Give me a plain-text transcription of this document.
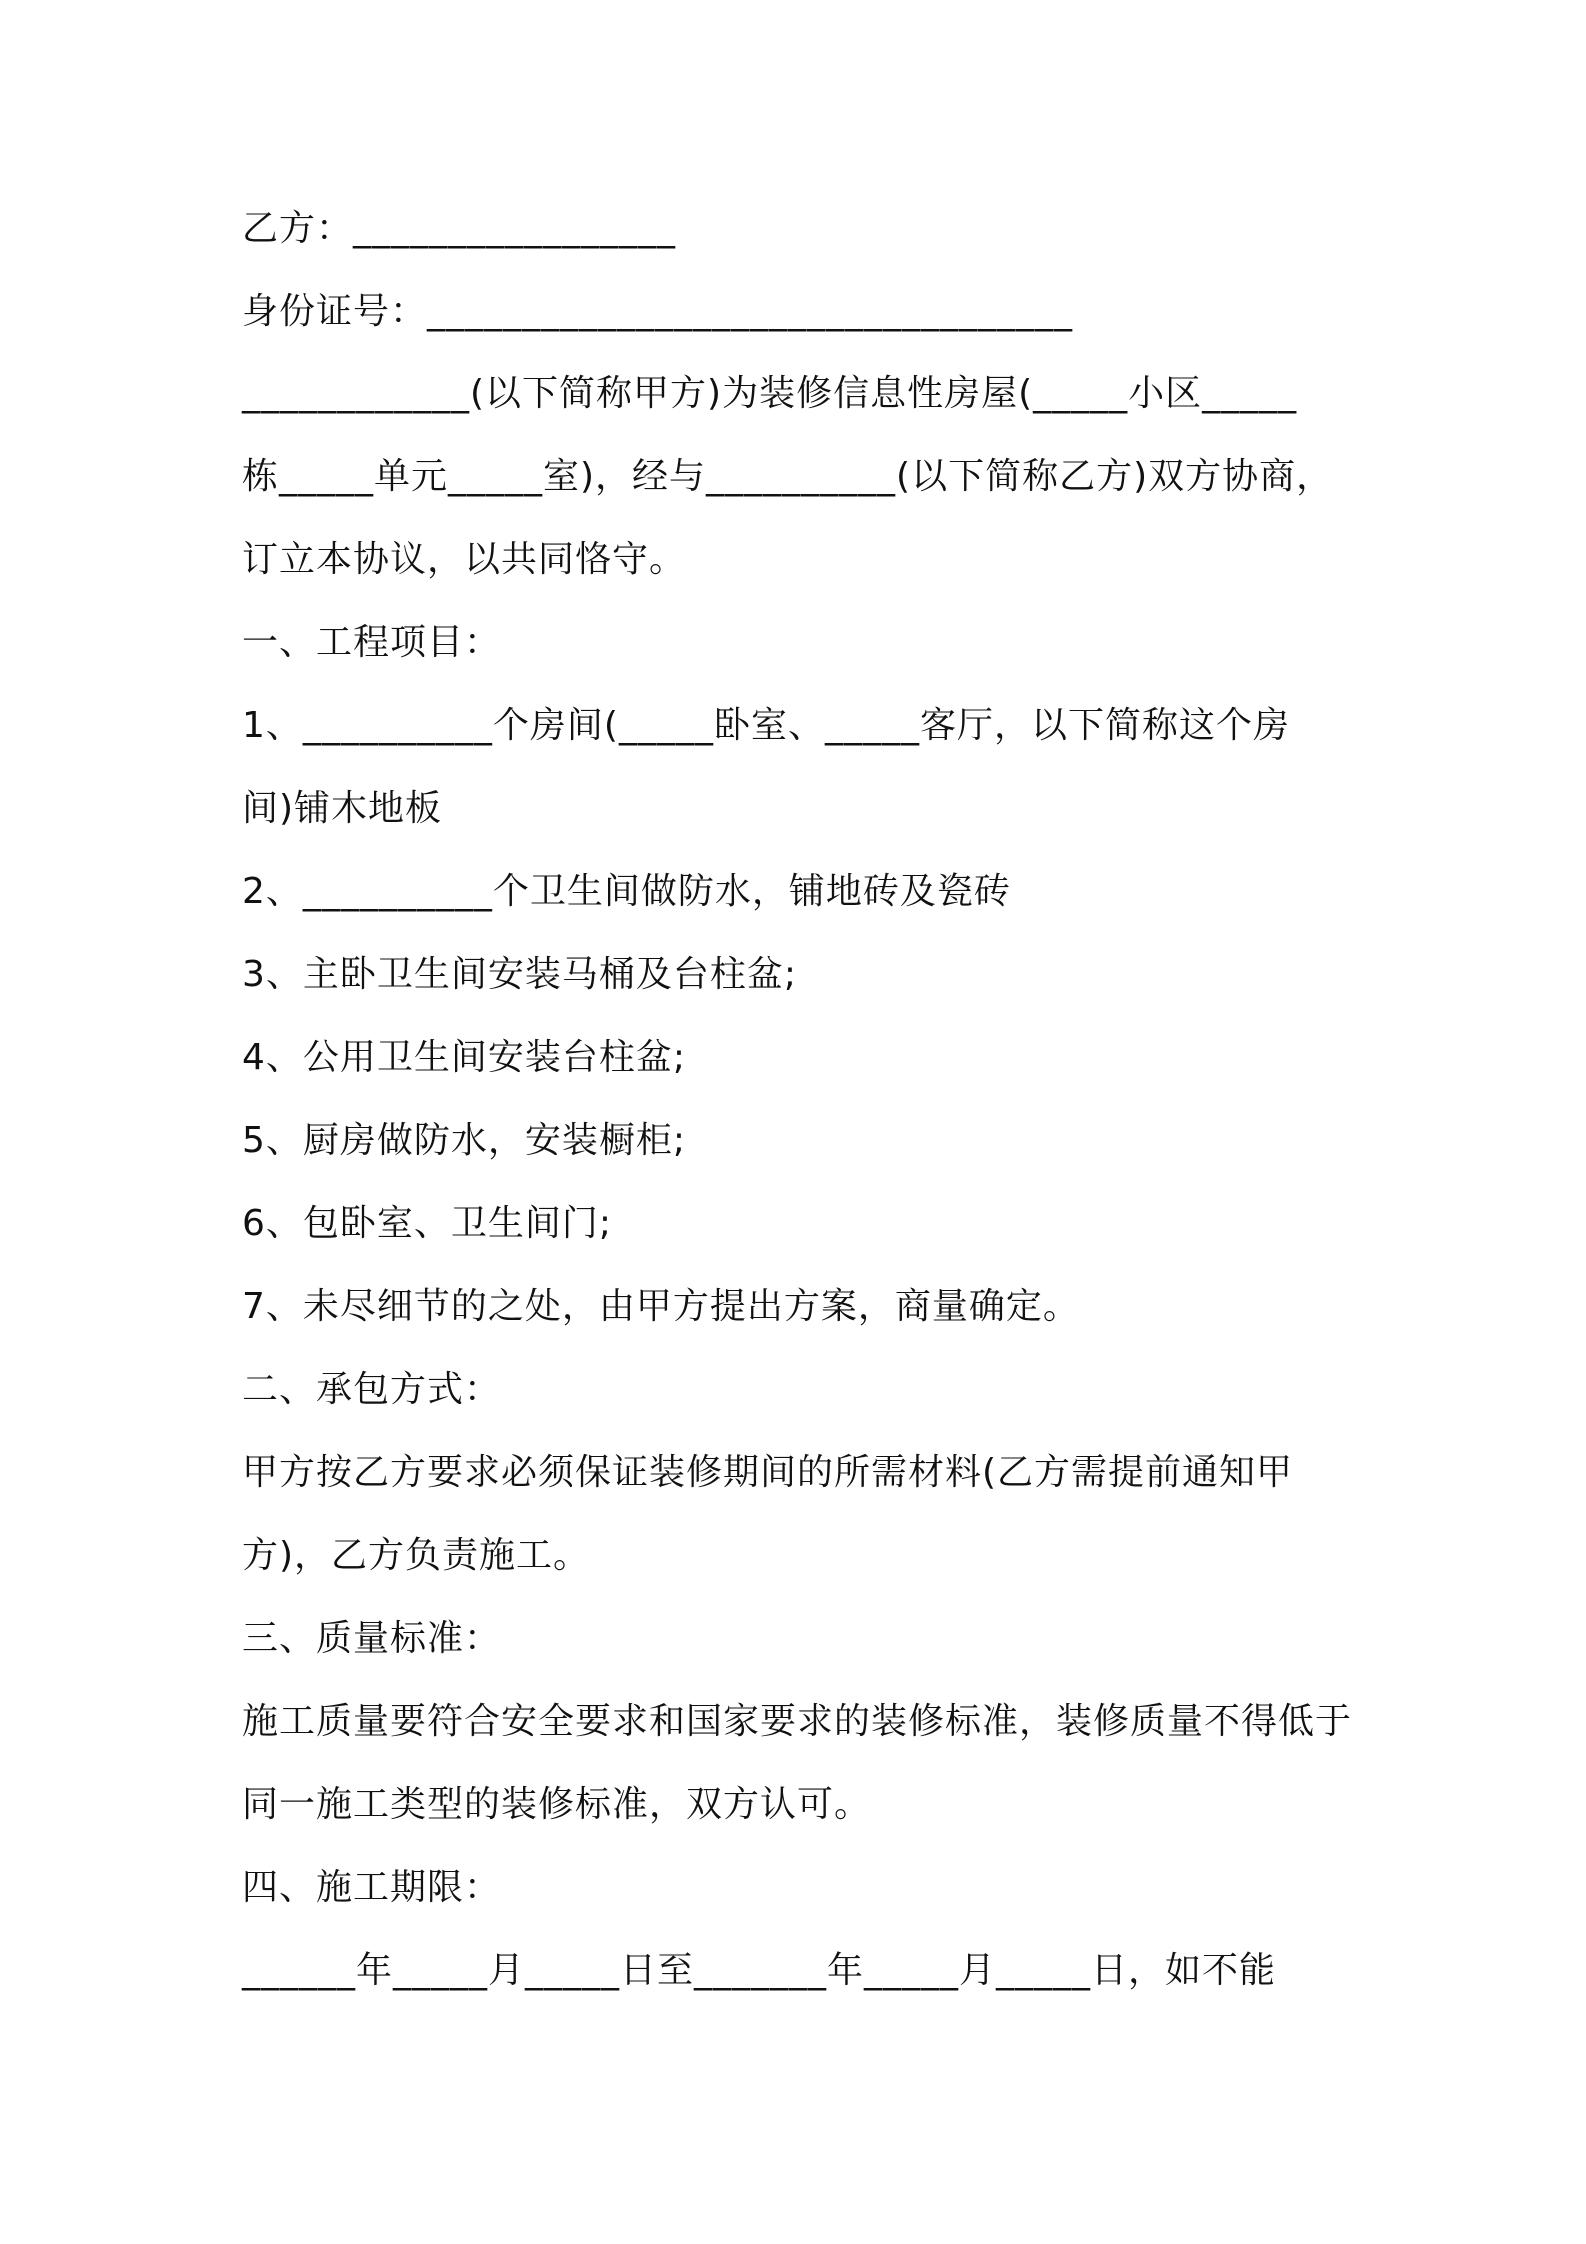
乙方：_________________
身份证号：__________________________________
____________(以下简称甲方)为装修信息性房屋(_____小区_____
栋_____单元_____室)，经与__________(以下简称乙方)双方协商，
订立本协议，以共同恪守。
一、工程项目：
1、__________个房间(_____卧室、_____客厅，以下简称这个房
间)铺木地板
2、__________个卫生间做防水，铺地砖及瓷砖
3、主卧卫生间安装马桶及台柱盆;
4、公用卫生间安装台柱盆;
5、厨房做防水，安装橱柜;
6、包卧室、卫生间门;
7、未尽细节的之处，由甲方提出方案，商量确定。
二、承包方式：
甲方按乙方要求必须保证装修期间的所需材料(乙方需提前通知甲
方)，乙方负责施工。
三、质量标准：
施工质量要符合安全要求和国家要求的装修标准，装修质量不得低于
同一施工类型的装修标准，双方认可。
四、施工期限：
______年_____月_____日至_______年_____月_____日，如不能
